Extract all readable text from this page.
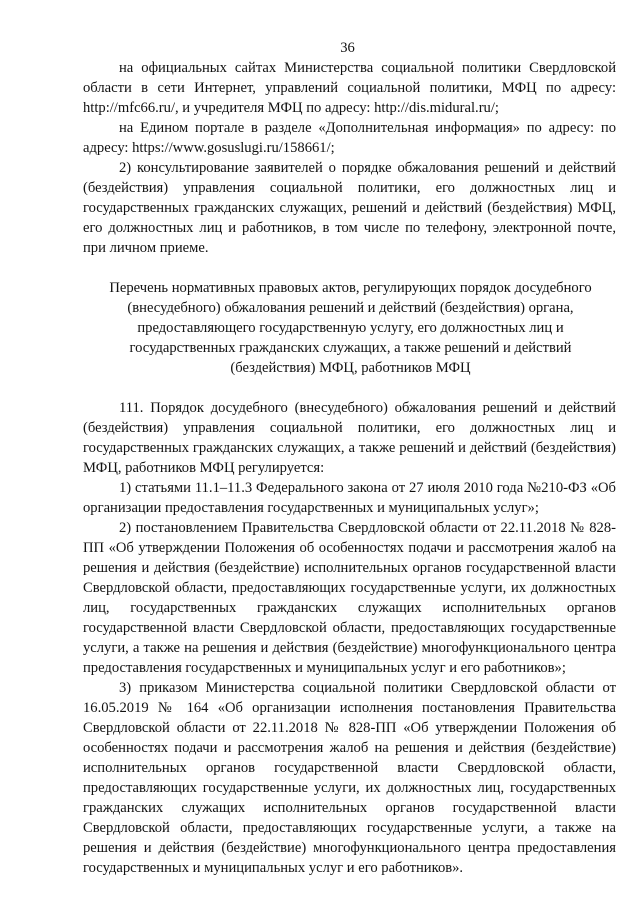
36

на официальных сайтах Министерства социальной политики Свердловской области в сети Интернет, управлений социальной политики, МФЦ по адресу: http://mfc66.ru/, и учредителя МФЦ по адресу: http://dis.midural.ru/;

на Едином портале в разделе «Дополнительная информация» по адресу: по адресу: https://www.gosuslugi.ru/158661/;

2) консультирование заявителей о порядке обжалования решений и действий (бездействия) управления социальной политики, его должностных лиц и государственных гражданских служащих, решений и действий (бездействия) МФЦ, его должностных лиц и работников, в том числе по телефону, электронной почте, при личном приеме.

Перечень нормативных правовых актов, регулирующих порядок досудебного (внесудебного) обжалования решений и действий (бездействия) органа, предоставляющего государственную услугу, его должностных лиц и государственных гражданских служащих, а также решений и действий (бездействия) МФЦ, работников МФЦ

111. Порядок досудебного (внесудебного) обжалования решений и действий (бездействия) управления социальной политики, его должностных лиц и государственных гражданских служащих, а также решений и действий (бездействия) МФЦ, работников МФЦ регулируется:

1) статьями 11.1–11.3 Федерального закона от 27 июля 2010 года №210-ФЗ «Об организации предоставления государственных и муниципальных услуг»;

2) постановлением Правительства Свердловской области от 22.11.2018 № 828-ПП «Об утверждении Положения об особенностях подачи и рассмотрения жалоб на решения и действия (бездействие) исполнительных органов государственной власти Свердловской области, предоставляющих государственные услуги, их должностных лиц, государственных гражданских служащих исполнительных органов государственной власти Свердловской области, предоставляющих государственные услуги, а также на решения и действия (бездействие) многофункционального центра предоставления государственных и муниципальных услуг и его работников»;

3) приказом Министерства социальной политики Свердловской области от 16.05.2019 № 164 «Об организации исполнения постановления Правительства Свердловской области от 22.11.2018 № 828-ПП «Об утверждении Положения об особенностях подачи и рассмотрения жалоб на решения и действия (бездействие) исполнительных органов государственной власти Свердловской области, предоставляющих государственные услуги, их должностных лиц, государственных гражданских служащих исполнительных органов государственной власти Свердловской области, предоставляющих государственные услуги, а также на решения и действия (бездействие) многофункционального центра предоставления государственных и муниципальных услуг и его работников».
